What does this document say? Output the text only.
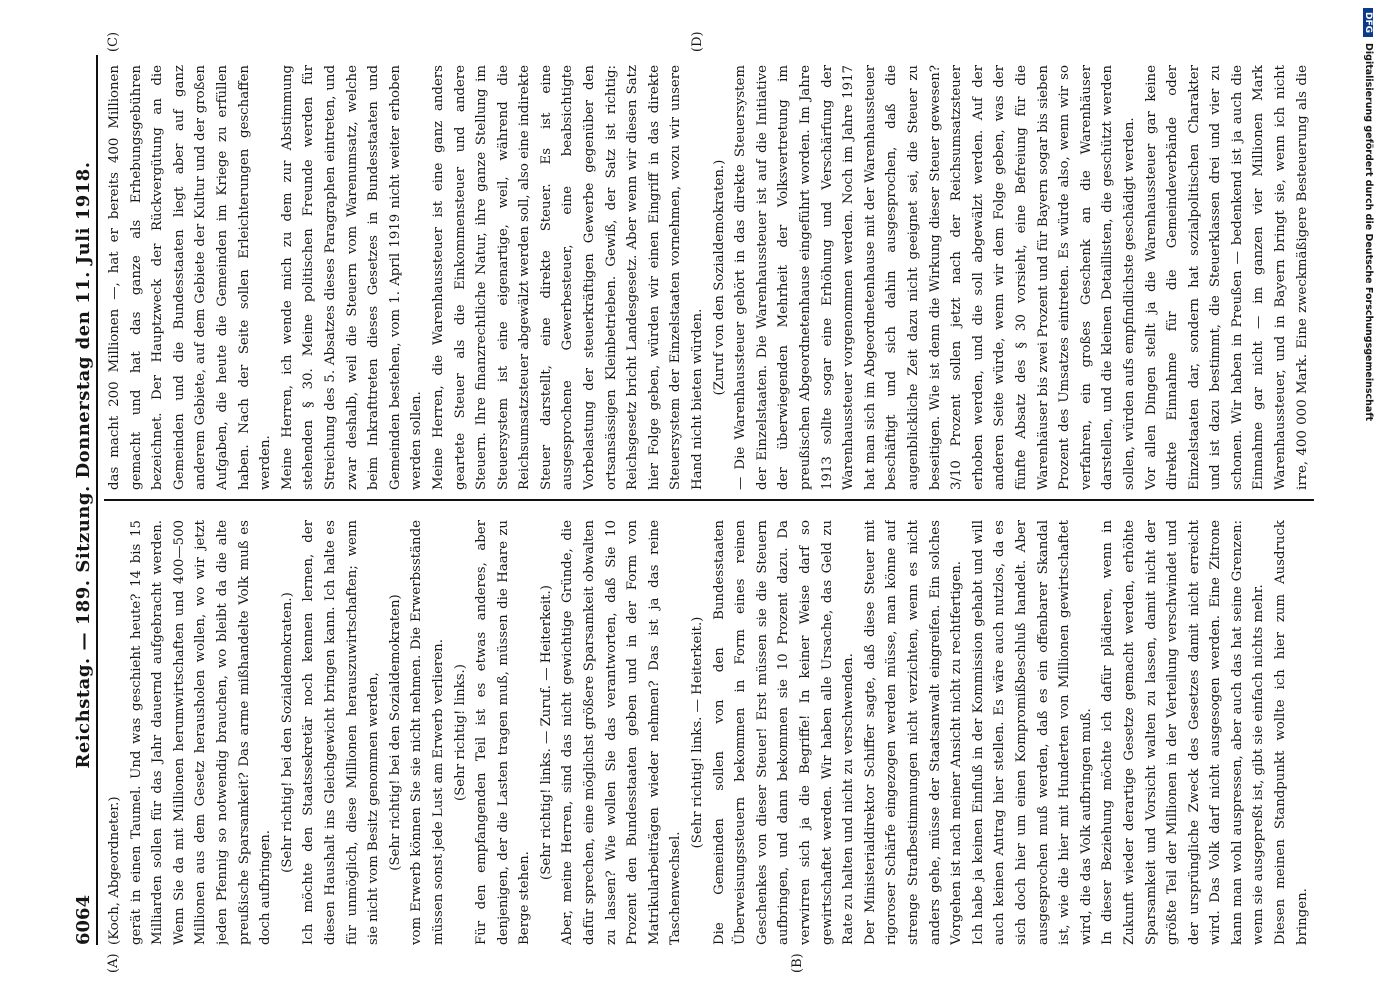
6064
Reichstag. — 189. Sitzung. Donnerstag den 11. Juli 1918.

(Koch, Abgeordneter.) gerät in einen Taumel. Und was geschieht heute? 14 bis 15 Milliarden sollen für das Jahr dauernd aufgebracht werden. Wenn Sie da mit Millionen herumwirtschaften und 400—500 Millionen aus dem Gesetz herausholen wollen, wo wir jetzt jeden Pfennig so notwendig brauchen, wo bleibt da die alte preußische Sparsamkeit? Das arme mißhandelte Volk muß es doch aufbringen.

(Sehr richtig! bei den Sozialdemokraten.) Ich möchte den Staatssekretär noch kennen lernen, der diesen Haushalt ins Gleichgewicht bringen kann. Ich halte es für unmöglich, diese Millionen herauszuwirtschaften; wenn sie nicht vom Besitz genommen werden, (Sehr richtig! bei den Sozialdemokraten) vom Erwerb können Sie sie nicht nehmen. Die Erwerbsstände müssen sonst jede Lust am Erwerb verlieren. (Sehr richtig! links.) Für den empfangenden Teil ist es etwas anderes, aber denjenigen, der die Lasten tragen muß, müssen die Haare zu Berge stehen.

(Sehr richtig! links. — Zuruf. — Heiterkeit.) Aber, meine Herren, sind das nicht gewichtige Gründe, die dafür sprechen, eine möglichst größere Sparsamkeit obwalten zu lassen? Wie wollen Sie das verantworten, daß Sie 10 Prozent den Bundesstaaten geben und in der Form von Matrikularbeiträgen wieder nehmen? Das ist ja das reine Taschenwechsel.

(Sehr richtig! links. — Heiterkeit.) Die Gemeinden sollen von den Bundesstaaten Überweisungssteuern bekommen in Form eines reinen Geschenkes von dieser Steuer! Erst müssen sie die Steuern aufbringen, und dann bekommen sie 10 Prozent dazu. Da verwirren sich ja die Begriffe! In keiner Weise darf so gewirtschaftet werden. Wir haben alle Ursache, das Geld zu Rate zu halten und nicht zu verschwenden. Der Ministerialdirektor Schiffer sagte, daß diese Steuer mit rigoroser Schärfe eingezogen werden müsse, man könne auf strenge Strafbestimmungen nicht verzichten, wenn es nicht anders gehe, müsse der Staatsanwalt eingreifen. Ein solches Vorgehen ist nach meiner Ansicht nicht zu rechtfertigen. Ich habe ja keinen Einfluß in der Kommission gehabt und will auch keinen Antrag hier stellen. Es wäre auch nutzlos, da es sich doch hier um einen Kompromißbeschluß handelt. Aber ausgesprochen muß werden, daß es ein offenbarer Skandal ist, wie die hier mit Hunderten von Millionen gewirtschaftet wird, die das Volk aufbringen muß. In dieser Beziehung möchte ich dafür plädieren, wenn in Zukunft wieder derartige Gesetze gemacht werden, erhöhte Sparsamkeit und Vorsicht walten zu lassen, damit nicht der größte Teil der Millionen in der Verteilung verschwindet und der ursprüngliche Zweck des Gesetzes damit nicht erreicht wird. Das Volk darf nicht ausgesogen werden. Eine Zitrone kann man wohl auspressen, aber auch das hat seine Grenzen: wenn sie ausgepreßt ist, gibt sie einfach nichts mehr. Diesen meinen Standpunkt wollte ich hier zum Ausdruck bringen.

das macht 200 Millionen —, hat er bereits 400 Millionen gemacht und hat das ganze als Erhebungsgebühren bezeichnet. Der Hauptzweck der Rückvergütung an die Gemeinden und die Bundesstaaten liegt aber auf ganz anderem Gebiete, auf dem Gebiete der Kultur und der großen Aufgaben, die heute die Gemeinden im Kriege zu erfüllen haben. Nach der Seite sollen Erleichterungen geschaffen werden. Meine Herren, ich wende mich zu dem zur Abstimmung stehenden § 30. Meine politischen Freunde werden für Streichung des 5. Absatzes dieses Paragraphen eintreten, und zwar deshalb, weil die Steuern vom Warenumsatz, welche beim Inkrafttreten dieses Gesetzes in Bundesstaaten und Gemeinden bestehen, vom 1. April 1919 nicht weiter erhoben werden sollen. Meine Herren, die Warenhaussteuer ist eine ganz anders geartete Steuer als die Einkommensteuer und andere Steuern. Ihre finanzrechtliche Natur, ihre ganze Stellung im Steuersystem ist eine eigenartige, weil, während die Reichsumsatzsteuer abgewälzt werden soll, also eine indirekte Steuer darstellt, eine direkte Steuer. Es ist eine ausgesprochene Gewerbesteuer, eine beabsichtigte Vorbelastung der steuerkräftigen Gewerbe gegenüber den ortsansässigen Kleinbetrieben. Gewiß, der Satz ist richtig: Reichsgesetz bricht Landesgesetz. Aber wenn wir diesen Satz hier Folge geben, würden wir einen Eingriff in das direkte Steuersystem der Einzelstaaten vornehmen, wozu wir unsere Hand nicht bieten würden.

(Zuruf von den Sozialdemokraten.) — Die Warenhaussteuer gehört in das direkte Steuersystem der Einzelstaaten. Die Warenhaussteuer ist auf die Initiative der überwiegenden Mehrheit der Volksvertretung im preußischen Abgeordnetenhause eingeführt worden. Im Jahre 1913 sollte sogar eine Erhöhung und Verschärfung der Warenhaussteuer vorgenommen werden. Noch im Jahre 1917 hat man sich im Abgeordnetenhause mit der Warenhaussteuer beschäftigt und sich dahin ausgesprochen, daß die augenblickliche Zeit dazu nicht geeignet sei, die Steuer zu beseitigen. Wie ist denn die Wirkung dieser Steuer gewesen? 3/10 Prozent sollen jetzt nach der Reichsumsatzsteuer erhoben werden, und die soll abgewälzt werden. Auf der anderen Seite würde, wenn wir dem Folge geben, was der fünfte Absatz des § 30 vorsieht, eine Befreiung für die Warenhäuser bis zwei Prozent und für Bayern sogar bis sieben Prozent des Umsatzes eintreten. Es würde also, wenn wir so verfahren, ein großes Geschenk an die Warenhäuser darstellen, und die kleinen Detaillisten, die geschützt werden sollen, würden aufs empfindlichste geschädigt werden. Vor allen Dingen stellt ja die Warenhaussteuer gar keine direkte Einnahme für die Gemeindeverbände oder Einzelstaaten dar, sondern hat sozialpolitischen Charakter und ist dazu bestimmt, die Steuerklassen drei und vier zu schonen. Wir haben in Preußen — bedenkend ist ja auch die Einnahme gar nicht — im ganzen vier Millionen Mark Warenhaussteuer, und in Bayern bringt sie, wenn ich nicht irre, 400 000 Mark. Eine zweckmäßigere Besteuerung als die

(A)	(B)
(C)	(D)
DFG
Digitalisierung gefördert durch die Deutsche Forschungsgemeinschaft
